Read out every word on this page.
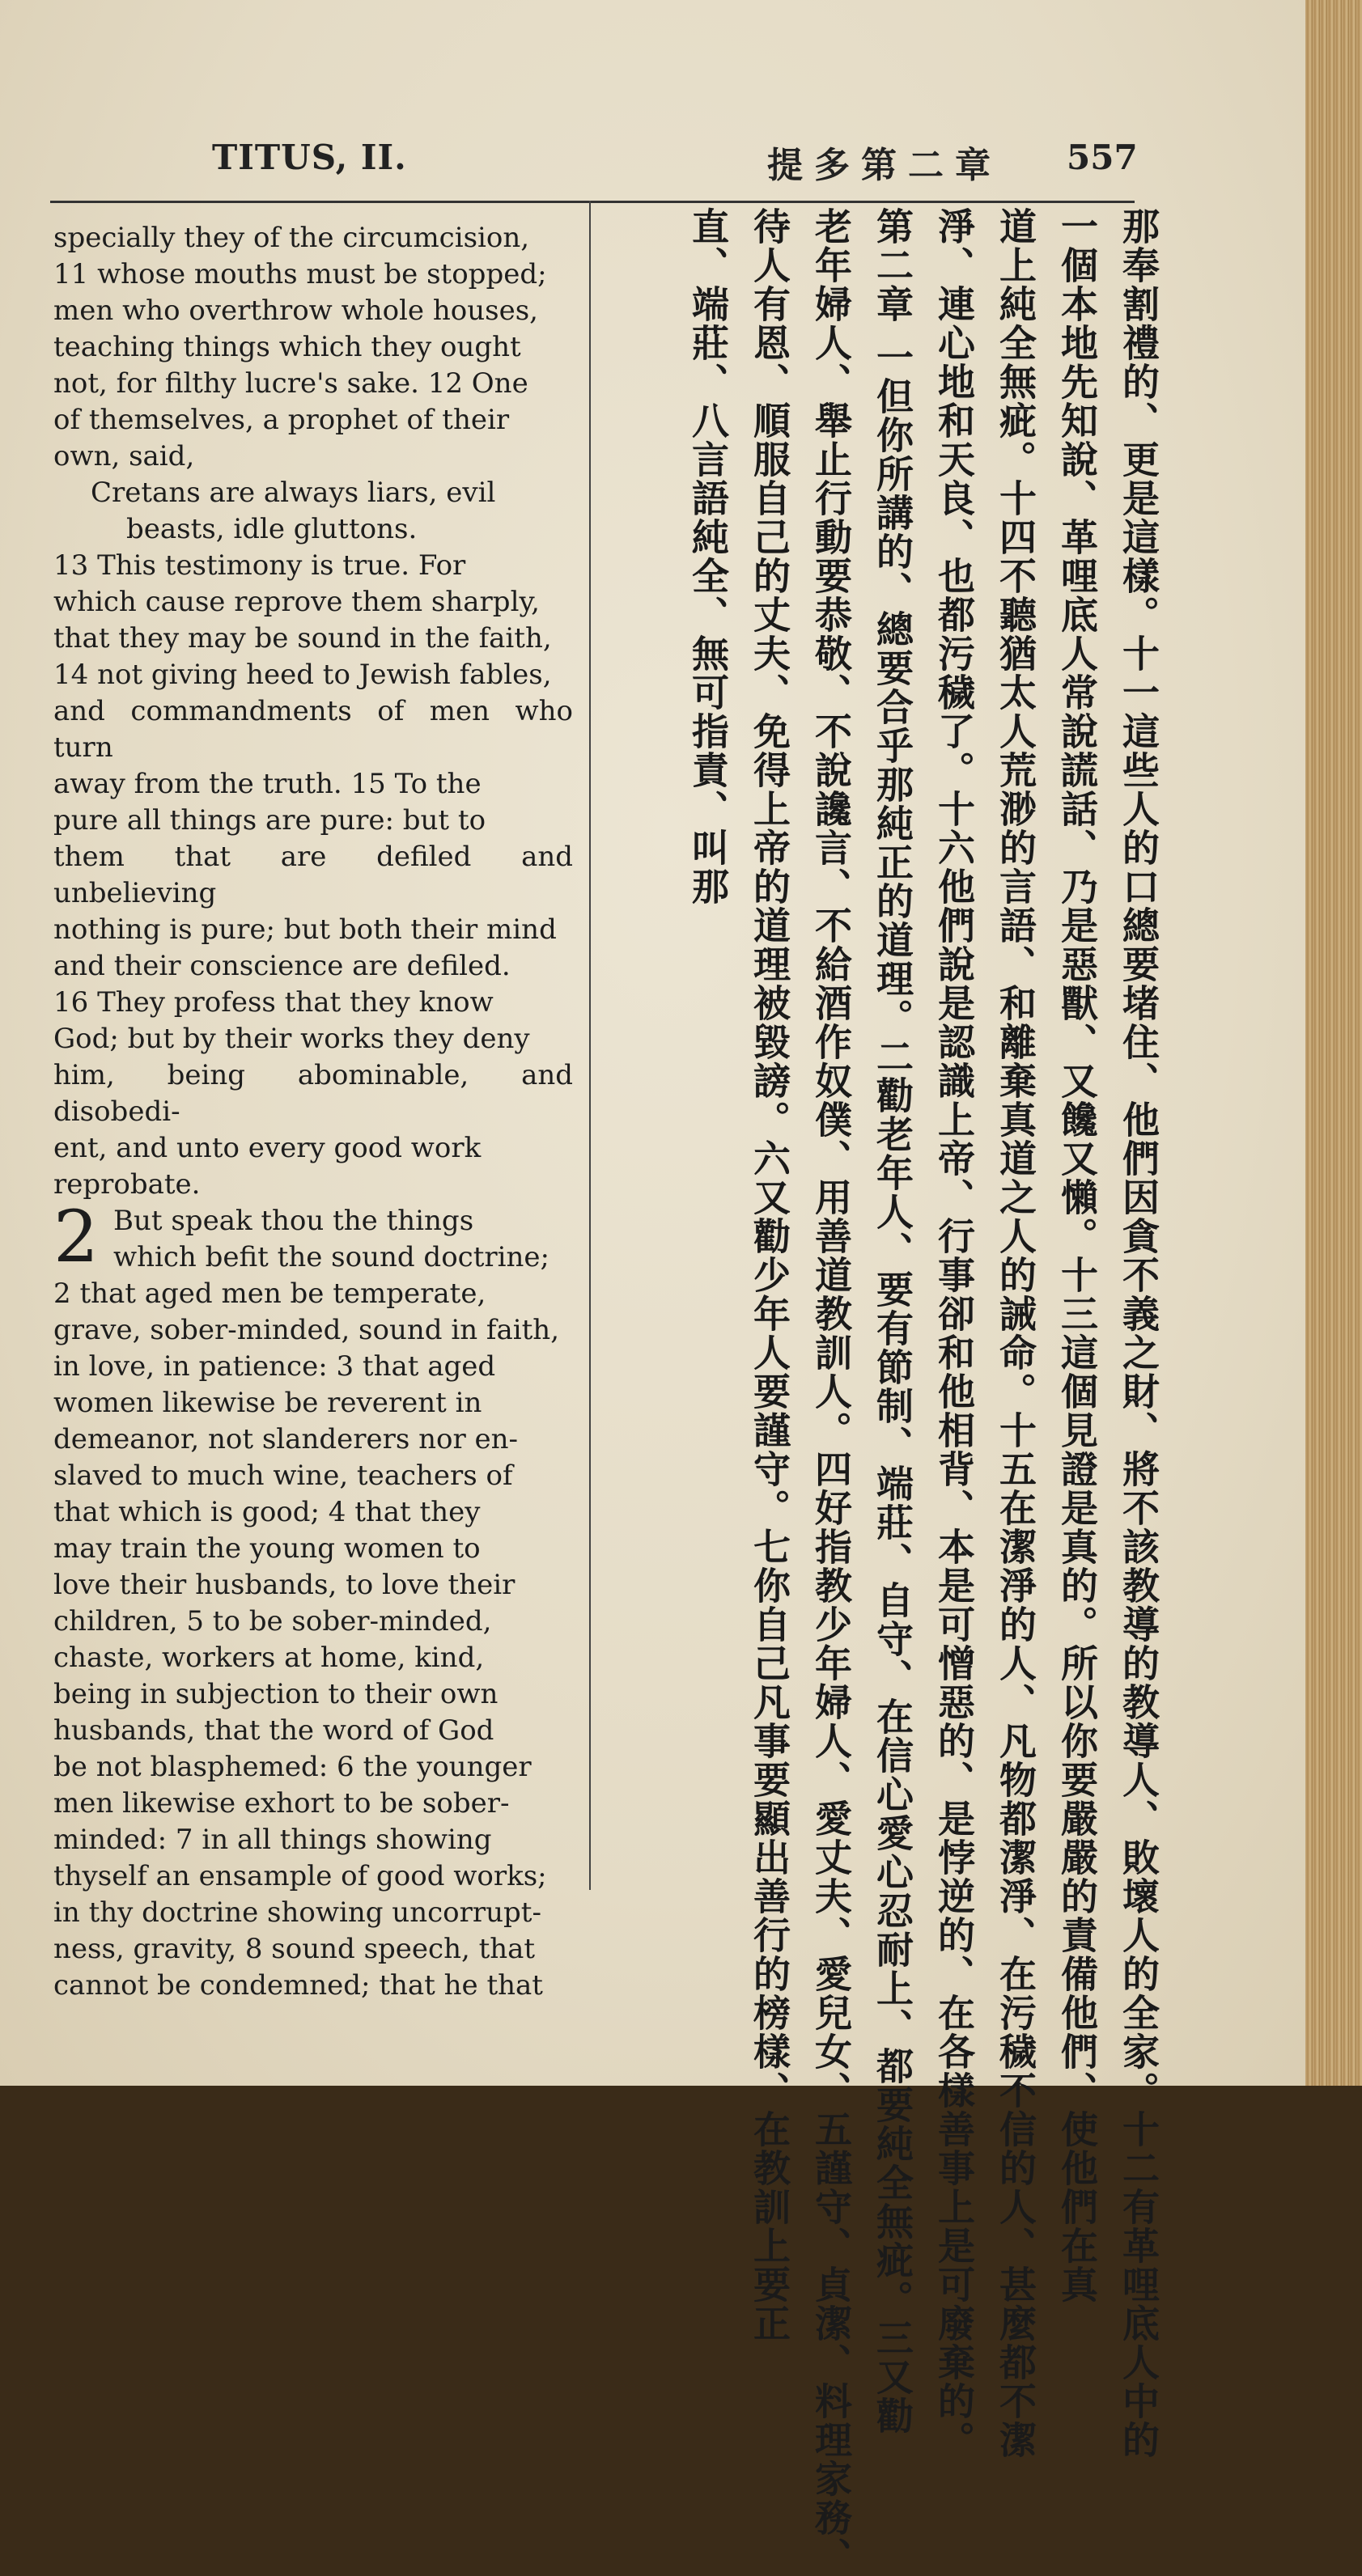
TITUS, II.	提多第二章 557

specially they of the circumcision,

11 whose mouths must be stopped;

men who overthrow whole houses,

teaching things which they ought

not, for filthy lucre's sake. 12 One

of themselves, a prophet of their

own, said,

Cretans are always liars, evil

beasts, idle gluttons.

13 This testimony is true. For

which cause reprove them sharply,

that they may be sound in the faith,

14 not giving heed to Jewish fables,

and commandments of men who turn

away from the truth. 15 To the

pure all things are pure: but to

them that are defiled and unbelieving

nothing is pure; but both their mind

and their conscience are defiled.

16 They profess that they know

God; but by their works they deny

him, being abominable, and disobedi-

ent, and unto every good work

reprobate.

2 But speak thou the things

which befit the sound doctrine;

2 that aged men be temperate,

grave, sober-minded, sound in faith,

in love, in patience: 3 that aged

women likewise be reverent in

demeanor, not slanderers nor en-

slaved to much wine, teachers of

that which is good; 4 that they

may train the young women to

love their husbands, to love their

children, 5 to be sober-minded,

chaste, workers at home, kind,

being in subjection to their own

husbands, that the word of God

be not blasphemed: 6 the younger

men likewise exhort to be sober-

minded: 7 in all things showing

thyself an ensample of good works;

in thy doctrine showing uncorrupt-

ness, gravity, 8 sound speech, that

cannot be condemned; that he that	那奉割禮的、更是這樣。十一這些人的口總要堵住、他們因貪不義之財、將不該教導的教導人、敗壞人的全家。十二有革哩底人中的
一個本地先知說、革哩底人常說謊話、乃是惡獸、又饞又懶。十三這個見證是真的。所以你要嚴嚴的責備他們、使他們在真
道上純全無疵。十四不聽猶太人荒渺的言語、和離棄真道之人的誡命。十五在潔淨的人、凡物都潔淨、在污穢不信的人、甚麼都不潔
淨、連心地和天良、也都污穢了。十六他們說是認識上帝、行事卻和他相背、本是可憎惡的、是悖逆的、在各樣善事上是可廢棄的。
第二章 一但你所講的、總要合乎那純正的道理。二勸老年人、要有節制、端莊、自守、在信心愛心忍耐上、都要純全無疵。三又勸
老年婦人、舉止行動要恭敬、不說讒言、不給酒作奴僕、用善道教訓人。四好指教少年婦人、愛丈夫、愛兒女、五謹守、貞潔、料理家務、
待人有恩、順服自己的丈夫、免得上帝的道理被毀謗。六又勸少年人要謹守。七你自己凡事要顯出善行的榜樣、在教訓上要正
直、端莊、八言語純全、無可指責、叫那
